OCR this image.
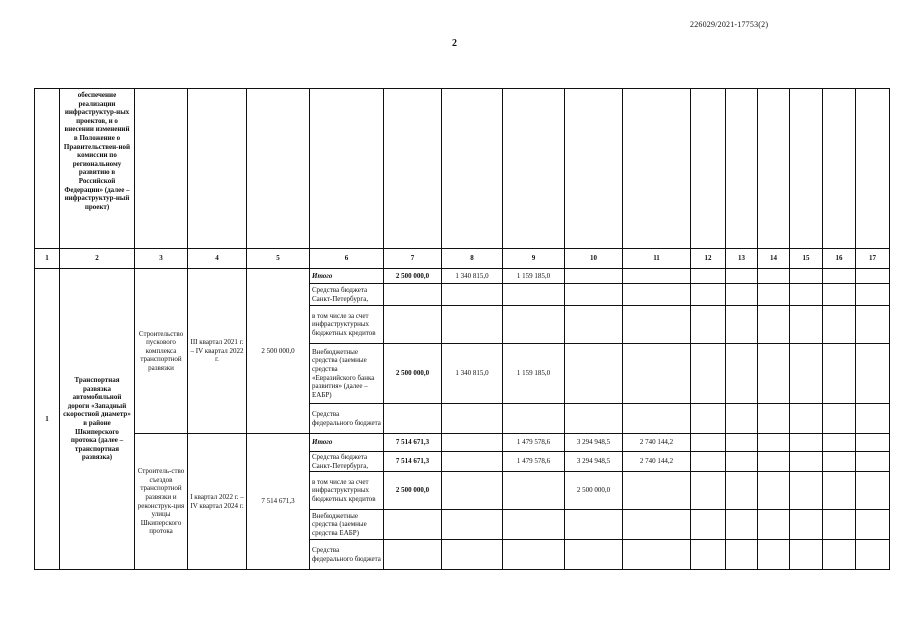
226029/2021-17753(2)
2
	обеспечение реализации инфраструктур-ных проектов, и о внесении изменений в Положение о Правительствен-ной комиссии по региональному развитию в Российской Федерации» (далее – инфраструктур-ный проект)															
1	2	3	4	5	6	7	8	9	10	11	12	13	14	15	16	17
1	Транспортная развязка автомобильной дороги «Западный скоростной диаметр» в районе Шкиперского протока (далее – транспортная развязка)	Строительство пускового комплекса транспортной развязки	III квартал 2021 г. – IV квартал 2022 г.	2 500 000,0	Итого	2 500 000,0	1 340 815,0	1 159 185,0								
					Средства бюджета Санкт-Петербурга,											
					в том числе за счет инфраструктурных бюджетных кредитов											
					Внебюджетные средства (заемные средства «Евразийского банка развития» (далее – ЕАБР)	2 500 000,0	1 340 815,0	1 159 185,0								
					Средства федерального бюджета											
		Строитель-ство съездов транспортной развязки и реконструк-ция улицы Шкиперского протока	I квартал 2022 г. – IV квартал 2024 г.	7 514 671,3	Итого	7 514 671,3		1 479 578,6	3 294 948,5	2 740 144,2						
					Средства бюджета Санкт-Петербурга,	7 514 671,3		1 479 578,6	3 294 948,5	2 740 144,2						
					в том числе за счет инфраструктурных бюджетных кредитов	2 500 000,0			2 500 000,0							
					Внебюджетные средства (заемные средства ЕАБР)											
					Средства федерального бюджета											
